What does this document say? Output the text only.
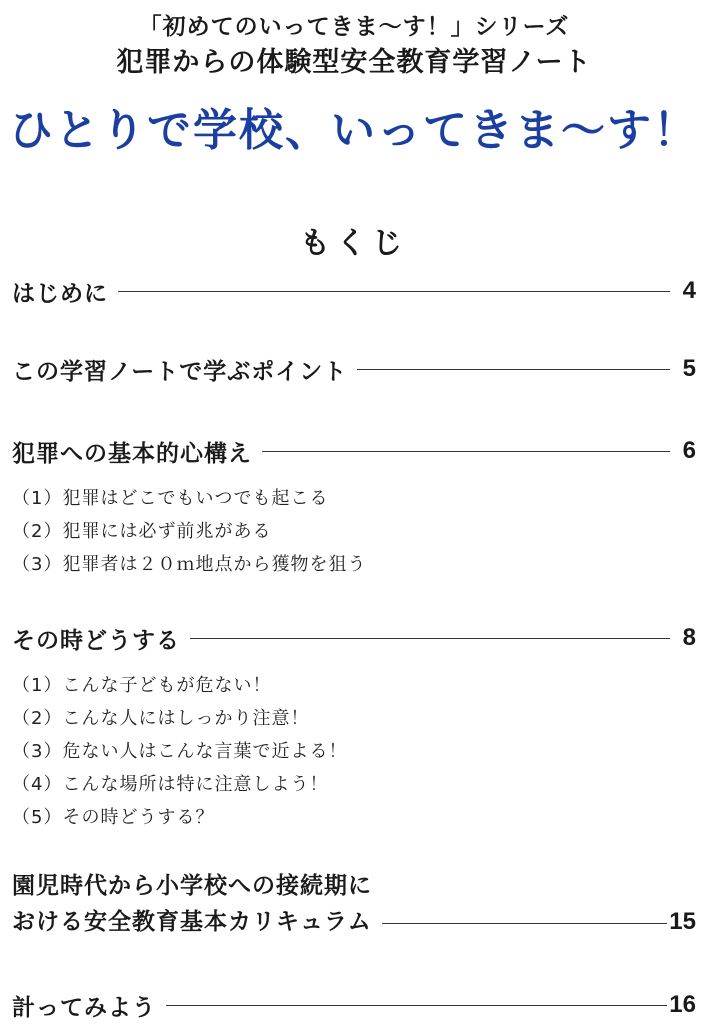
「初めてのいってきま〜す！」シリーズ
犯罪からの体験型安全教育学習ノート
ひとりで学校、いってきま〜す！
もくじ
はじめに	4
この学習ノートで学ぶポイント	5
犯罪への基本的心構え	6
（1）犯罪はどこでもいつでも起こる
（2）犯罪には必ず前兆がある
（3）犯罪者は２０ｍ地点から獲物を狙う
その時どうする	8
（1）こんな子どもが危ない！
（2）こんな人にはしっかり注意！
（3）危ない人はこんな言葉で近よる！
（4）こんな場所は特に注意しよう！
（5）その時どうする？
園児時代から小学校への接続期に
おける安全教育基本カリキュラム	15
計ってみよう	16
